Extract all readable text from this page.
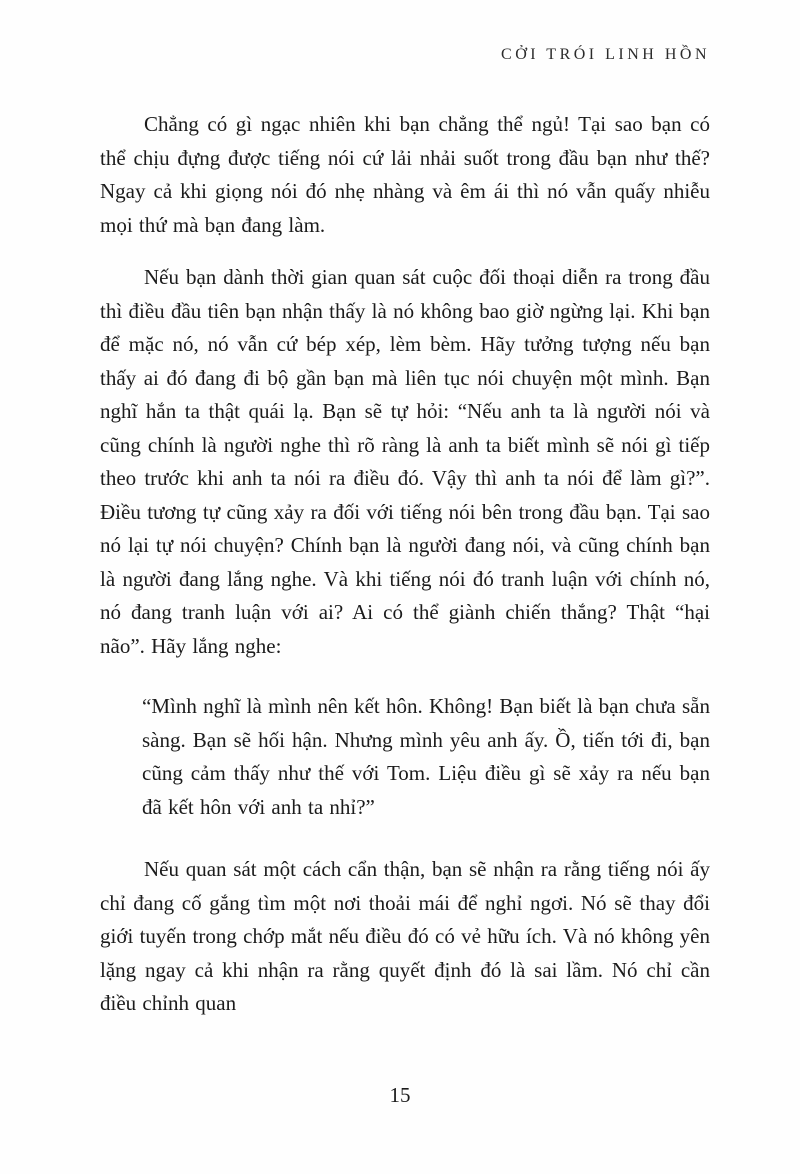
CỞI TRÓI LINH HỒN

Chẳng có gì ngạc nhiên khi bạn chẳng thể ngủ! Tại sao bạn có thể chịu đựng được tiếng nói cứ lải nhải suốt trong đầu bạn như thế? Ngay cả khi giọng nói đó nhẹ nhàng và êm ái thì nó vẫn quấy nhiễu mọi thứ mà bạn đang làm.

Nếu bạn dành thời gian quan sát cuộc đối thoại diễn ra trong đầu thì điều đầu tiên bạn nhận thấy là nó không bao giờ ngừng lại. Khi bạn để mặc nó, nó vẫn cứ bép xép, lèm bèm. Hãy tưởng tượng nếu bạn thấy ai đó đang đi bộ gần bạn mà liên tục nói chuyện một mình. Bạn nghĩ hắn ta thật quái lạ. Bạn sẽ tự hỏi: “Nếu anh ta là người nói và cũng chính là người nghe thì rõ ràng là anh ta biết mình sẽ nói gì tiếp theo trước khi anh ta nói ra điều đó. Vậy thì anh ta nói để làm gì?”. Điều tương tự cũng xảy ra đối với tiếng nói bên trong đầu bạn. Tại sao nó lại tự nói chuyện? Chính bạn là người đang nói, và cũng chính bạn là người đang lắng nghe. Và khi tiếng nói đó tranh luận với chính nó, nó đang tranh luận với ai? Ai có thể giành chiến thắng? Thật “hại não”. Hãy lắng nghe:

“Mình nghĩ là mình nên kết hôn. Không! Bạn biết là bạn chưa sẵn sàng. Bạn sẽ hối hận. Nhưng mình yêu anh ấy. Ồ, tiến tới đi, bạn cũng cảm thấy như thế với Tom. Liệu điều gì sẽ xảy ra nếu bạn đã kết hôn với anh ta nhỉ?”

Nếu quan sát một cách cẩn thận, bạn sẽ nhận ra rằng tiếng nói ấy chỉ đang cố gắng tìm một nơi thoải mái để nghỉ ngơi. Nó sẽ thay đổi giới tuyến trong chớp mắt nếu điều đó có vẻ hữu ích. Và nó không yên lặng ngay cả khi nhận ra rằng quyết định đó là sai lầm. Nó chỉ cần điều chỉnh quan

15
